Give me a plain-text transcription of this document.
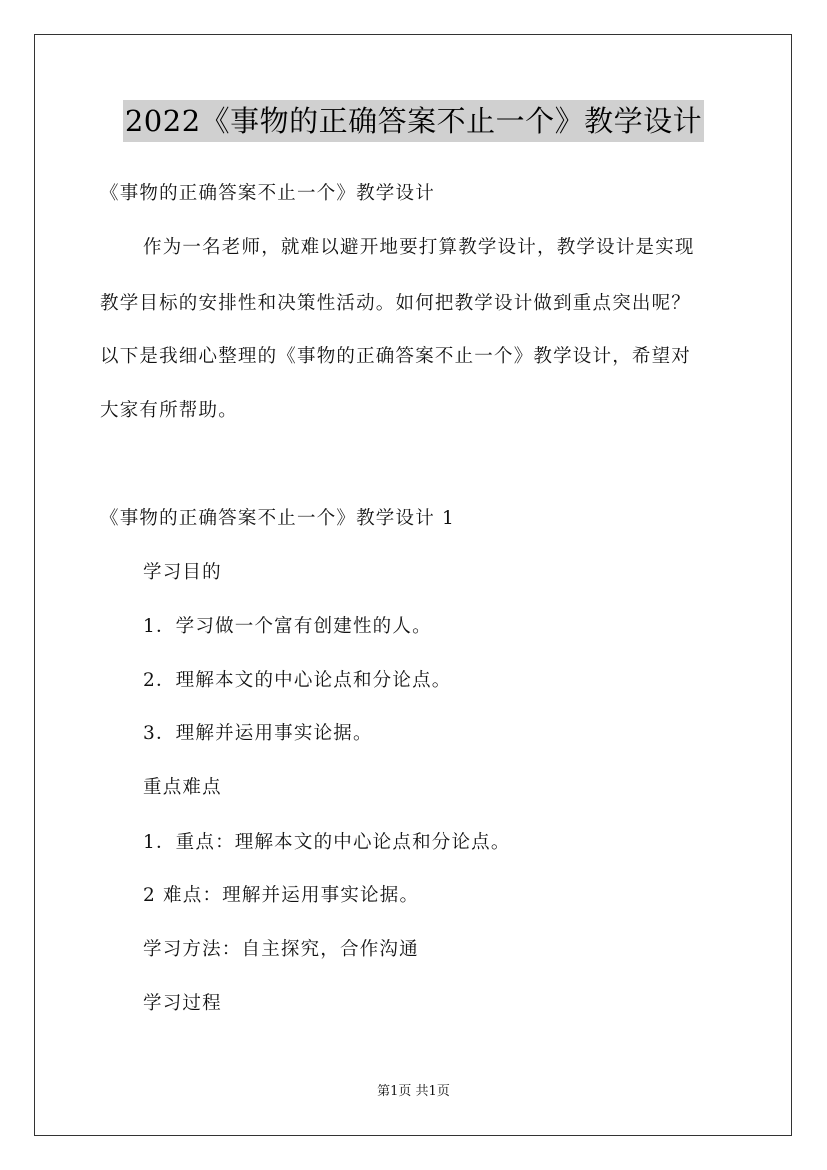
2022《事物的正确答案不止一个》教学设计
《事物的正确答案不止一个》教学设计
作为一名老师，就难以避开地要打算教学设计，教学设计是实现
教学目标的安排性和决策性活动。如何把教学设计做到重点突出呢？
以下是我细心整理的《事物的正确答案不止一个》教学设计，希望对
大家有所帮助。
《事物的正确答案不止一个》教学设计 1
学习目的
1．学习做一个富有创建性的人。
2．理解本文的中心论点和分论点。
3．理解并运用事实论据。
重点难点
1．重点：理解本文的中心论点和分论点。
2 难点：理解并运用事实论据。
学习方法：自主探究，合作沟通
学习过程
第1页 共1页
